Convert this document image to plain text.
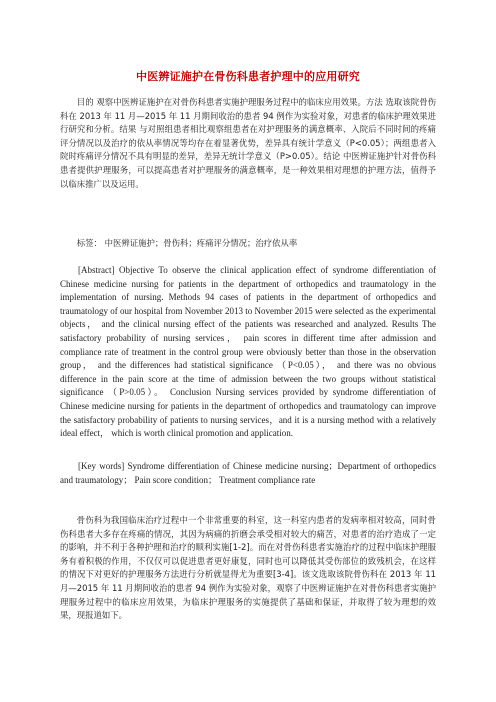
中医辨证施护在骨伤科患者护理中的应用研究

目的 观察中医辨证施护在对骨伤科患者实施护理服务过程中的临床应用效果。方法 选取该院骨伤科在 2013 年 11 月—2015 年 11 月期间收治的患者 94 例作为实验对象，对患者的临床护理效果进行研究和分析。结果 与对照组患者相比观察组患者在对护理服务的满意概率、入院后不同时间的疼痛评分情况以及治疗的依从率情况等均存在着显著优势，差异具有统计学意义（P<0.05）；两组患者入院时疼痛评分情况不具有明显的差异，差异无统计学意义（P>0.05）。结论 中医辨证施护针对骨伤科患者提供护理服务，可以提高患者对护理服务的满意概率，是一种效果相对理想的护理方法，值得予以临床推广以及运用。

标签： 中医辨证施护；骨伤科；疼痛评分情况；治疗依从率

[Abstract] Objective To observe the clinical application effect of syndrome differentiation of Chinese medicine nursing for patients in the department of orthopedics and traumatology in the implementation of nursing. Methods 94 cases of patients in the department of orthopedics and traumatology of our hospital from November 2013 to November 2015 were selected as the experimental objects， and the clinical nursing effect of the patients was researched and analyzed. Results The satisfactory probability of nursing services， pain scores in different time after admission and compliance rate of treatment in the control group were obviously better than those in the observation group， and the differences had statistical significance （P<0.05）， and there was no obvious difference in the pain score at the time of admission between the two groups without statistical significance （P>0.05）。 Conclusion Nursing services provided by syndrome differentiation of Chinese medicine nursing for patients in the department of orthopedics and traumatology can improve the satisfactory probability of patients to nursing services，and it is a nursing method with a relatively ideal effect， which is worth clinical promotion and application.

[Key words] Syndrome differentiation of Chinese medicine nursing；Department of orthopedics and traumatology； Pain score condition； Treatment compliance rate

骨伤科为我国临床治疗过程中一个非常重要的科室，这一科室内患者的发病率相对较高，同时骨伤科患者大多存在疼痛的情况，其因为病痛的折磨会承受相对较大的痛苦，对患者的治疗造成了一定的影响，并不利于各种护理和治疗的顺利实施[1-2]。而在对骨伤科患者实施治疗的过程中临床护理服务有着积极的作用，不仅仅可以促进患者更好康复，同时也可以降低其受伤部位的致残机会，在这样的情况下对更好的护理服务方法进行分析就显得尤为重要[3-4]。该文选取该院骨伤科在 2013 年 11 月—2015 年 11 月期间收治的患者 94 例作为实验对象，观察了中医辨证施护在对骨伤科患者实施护理服务过程中的临床应用效果，为临床护理服务的实施提供了基础和保证，并取得了较为理想的效果，现报道如下。
